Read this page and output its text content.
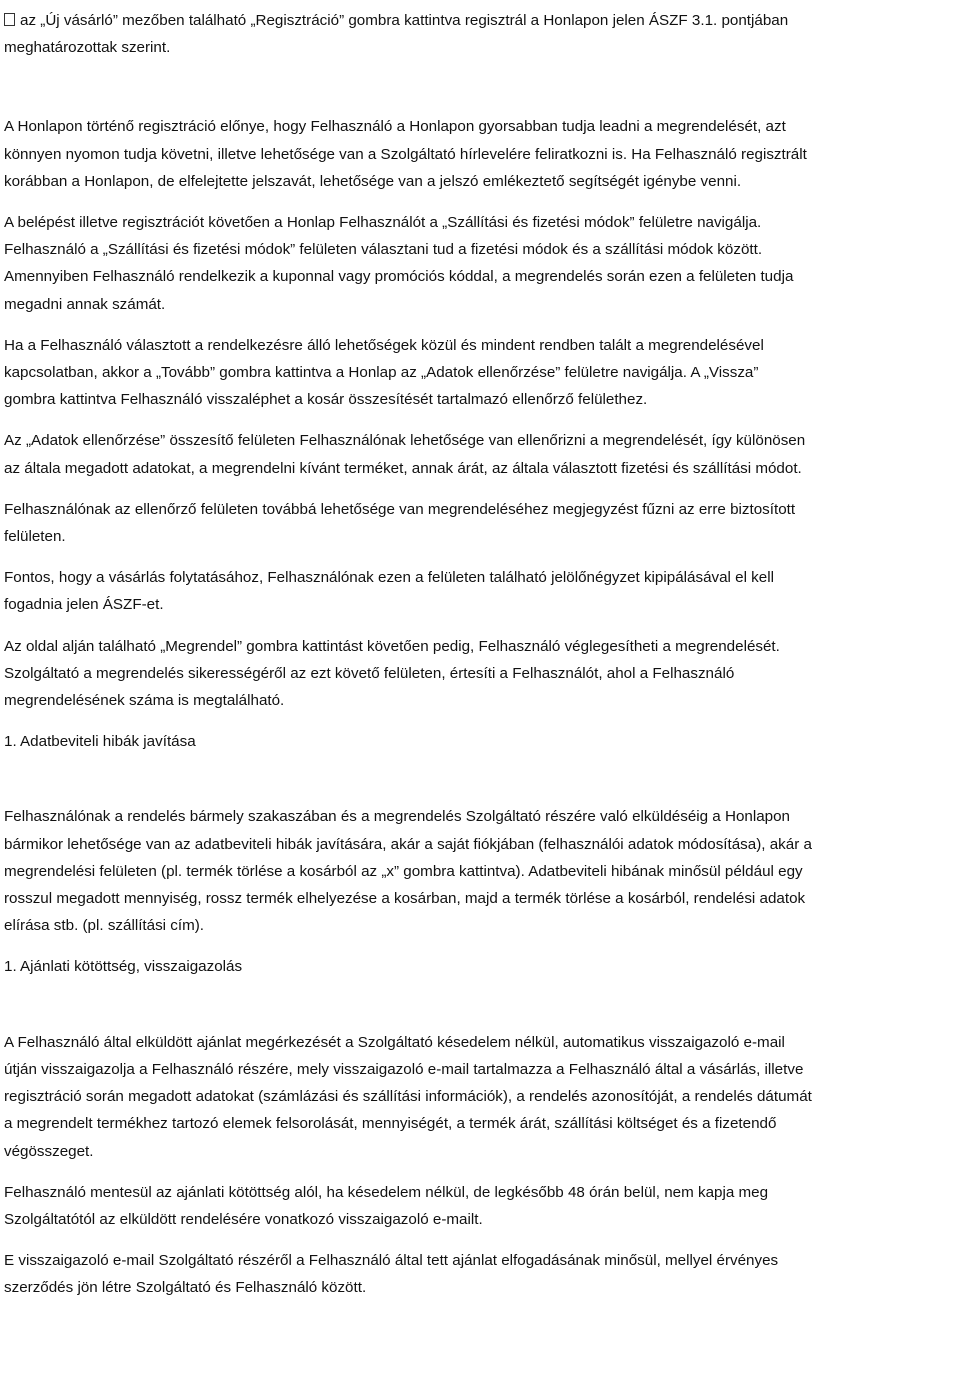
az „Új vásárló” mezőben található „Regisztráció” gombra kattintva regisztrál a Honlapon jelen ÁSZF 3.1. pontjában
meghatározottak szerint.
A Honlapon történő regisztráció előnye, hogy Felhasználó a Honlapon gyorsabban tudja leadni a megrendelését, azt
könnyen nyomon tudja követni, illetve lehetősége van a Szolgáltató hírlevelére feliratkozni is. Ha Felhasználó regisztrált
korábban a Honlapon, de elfelejtette jelszavát, lehetősége van a jelszó emlékeztető segítségét igénybe venni.
A belépést illetve regisztrációt követően a Honlap Felhasználót a „Szállítási és fizetési módok” felületre navigálja.
Felhasználó a „Szállítási és fizetési módok” felületen választani tud a fizetési módok és a szállítási módok között.
Amennyiben Felhasználó rendelkezik a kuponnal vagy promóciós kóddal, a megrendelés során ezen a felületen tudja
megadni annak számát.
Ha a Felhasználó választott a rendelkezésre álló lehetőségek közül és mindent rendben talált a megrendelésével
kapcsolatban, akkor a „Tovább” gombra kattintva a Honlap az „Adatok ellenőrzése” felületre navigálja. A „Vissza”
gombra kattintva Felhasználó visszaléphet a kosár összesítését tartalmazó ellenőrző felülethez.
Az „Adatok ellenőrzése” összesítő felületen Felhasználónak lehetősége van ellenőrizni a megrendelését, így különösen
az általa megadott adatokat, a megrendelni kívánt terméket, annak árát, az általa választott fizetési és szállítási módot.
Felhasználónak az ellenőrző felületen továbbá lehetősége van megrendeléséhez megjegyzést fűzni az erre biztosított
felületen.
Fontos, hogy a vásárlás folytatásához, Felhasználónak ezen a felületen található jelölőnégyzet kipipálásával el kell
fogadnia jelen ÁSZF-et.
Az oldal alján található „Megrendel” gombra kattintást követően pedig, Felhasználó véglegesítheti a megrendelését.
Szolgáltató a megrendelés sikerességéről az ezt követő felületen, értesíti a Felhasználót, ahol a Felhasználó
megrendelésének száma is megtalálható.
1. Adatbeviteli hibák javítása
Felhasználónak a rendelés bármely szakaszában és a megrendelés Szolgáltató részére való elküldéséig a Honlapon
bármikor lehetősége van az adatbeviteli hibák javítására, akár a saját fiókjában (felhasználói adatok módosítása), akár a
megrendelési felületen (pl. termék törlése a kosárból az „x” gombra kattintva). Adatbeviteli hibának minősül például egy
rosszul megadott mennyiség, rossz termék elhelyezése a kosárban, majd a termék törlése a kosárból, rendelési adatok
elírása stb. (pl. szállítási cím).
1. Ajánlati kötöttség, visszaigazolás
A Felhasználó által elküldött ajánlat megérkezését a Szolgáltató késedelem nélkül, automatikus visszaigazoló e-mail
útján visszaigazolja a Felhasználó részére, mely visszaigazoló e-mail tartalmazza a Felhasználó által a vásárlás, illetve
regisztráció során megadott adatokat (számlázási és szállítási információk), a rendelés azonosítóját, a rendelés dátumát
a megrendelt termékhez tartozó elemek felsorolását, mennyiségét, a termék árát, szállítási költséget és a fizetendő
végösszeget.
Felhasználó mentesül az ajánlati kötöttség alól, ha késedelem nélkül, de legkésőbb 48 órán belül, nem kapja meg
Szolgáltatótól az elküldött rendelésére vonatkozó visszaigazoló e-mailt.
E visszaigazoló e-mail Szolgáltató részéről a Felhasználó által tett ajánlat elfogadásának minősül, mellyel érvényes
szerződés jön létre Szolgáltató és Felhasználó között.
